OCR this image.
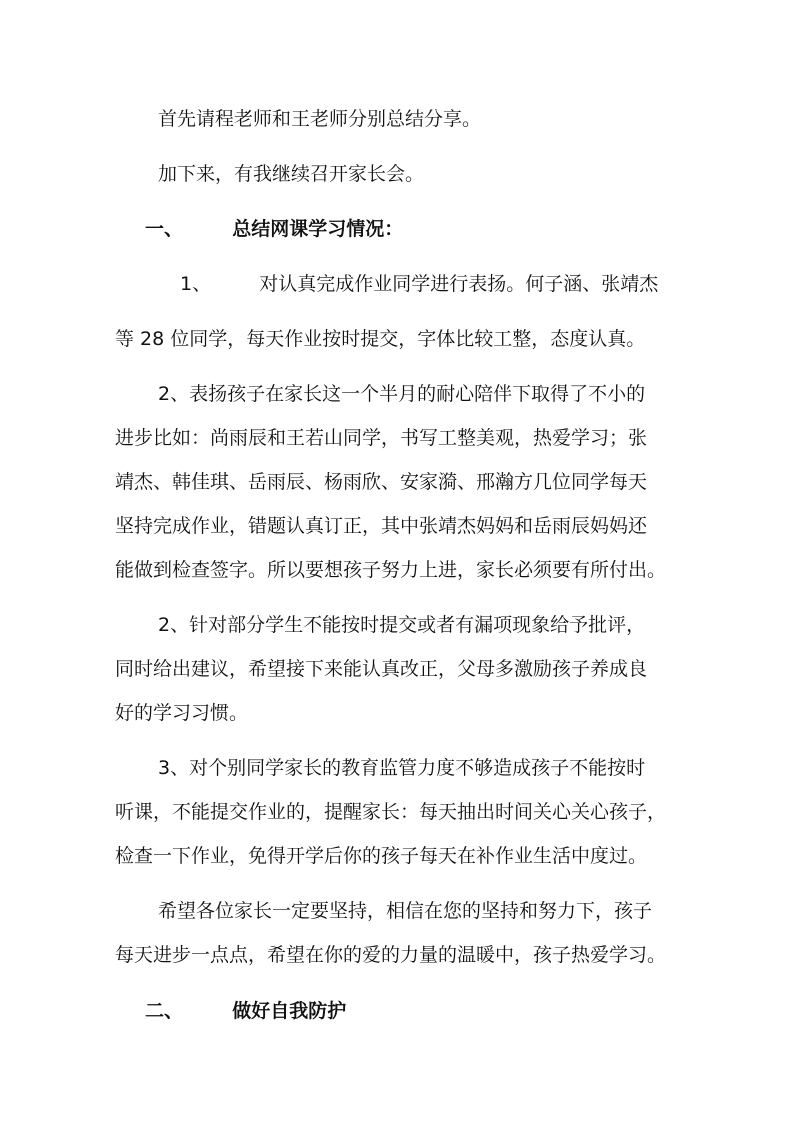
首先请程老师和王老师分别总结分享。
加下来，有我继续召开家长会。
一、	总结网课学习情况：
1、	对认真完成作业同学进行表扬。何子涵、张靖杰
等 28 位同学，每天作业按时提交，字体比较工整，态度认真。
2、表扬孩子在家长这一个半月的耐心陪伴下取得了不小的
进步比如：尚雨辰和王若山同学，书写工整美观，热爱学习；张
靖杰、韩佳琪、岳雨辰、杨雨欣、安家漪、邢瀚方几位同学每天
坚持完成作业，错题认真订正，其中张靖杰妈妈和岳雨辰妈妈还
能做到检查签字。所以要想孩子努力上进，家长必须要有所付出。
2、针对部分学生不能按时提交或者有漏项现象给予批评，
同时给出建议，希望接下来能认真改正，父母多激励孩子养成良
好的学习习惯。
3、对个别同学家长的教育监管力度不够造成孩子不能按时
听课，不能提交作业的，提醒家长：每天抽出时间关心关心孩子，
检查一下作业，免得开学后你的孩子每天在补作业生活中度过。
希望各位家长一定要坚持，相信在您的坚持和努力下，孩子
每天进步一点点，希望在你的爱的力量的温暖中，孩子热爱学习。
二、	做好自我防护
